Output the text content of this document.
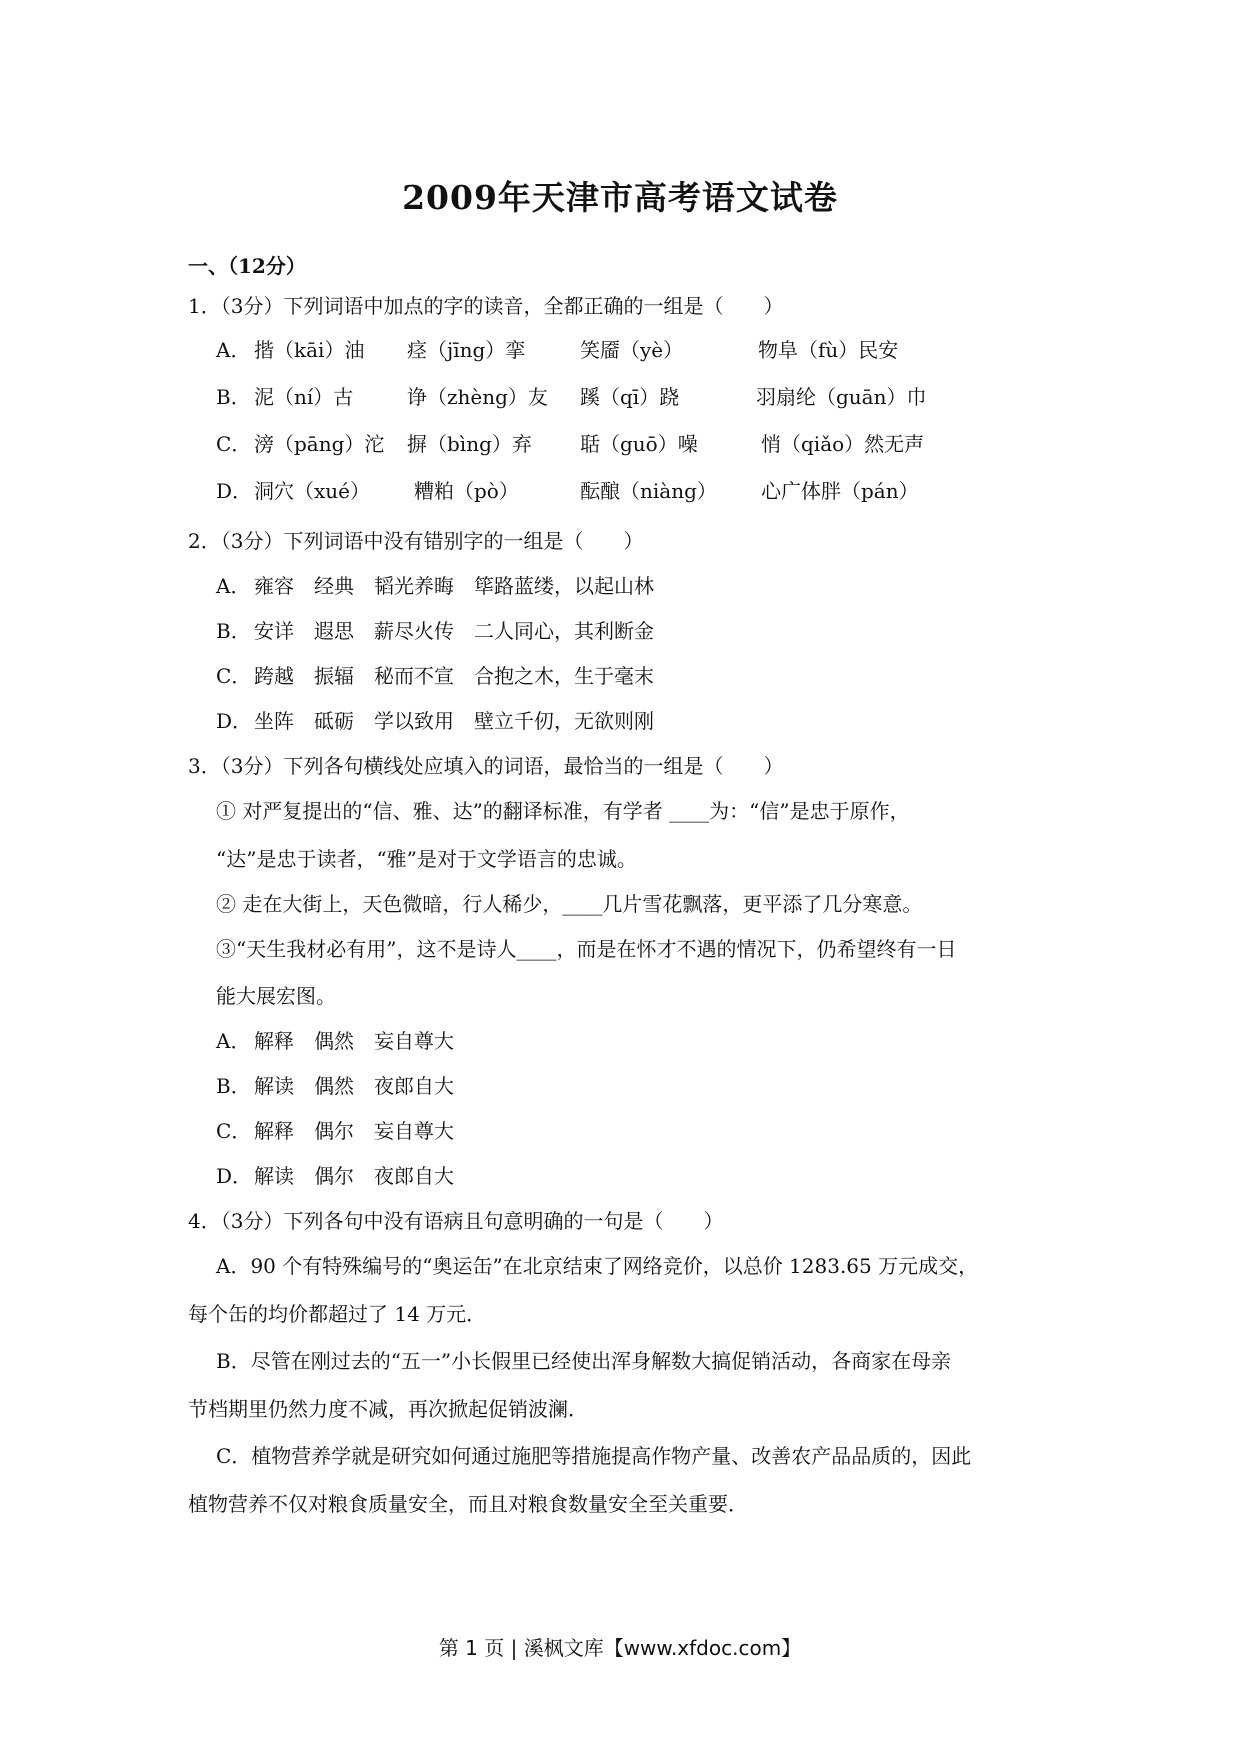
2009年天津市高考语文试卷
一、（12分）
1．（3分）下列词语中加点的字的读音，全都正确的一组是（　　）
A． 揩（kāi）油 痉（jīng）挛	笑靥（yè）	物阜（fù）民安
B． 泥（ní）古	诤（zhèng）友 蹊（qī）跷	羽扇纶（guān）巾
C． 滂（pāng）沱 摒（bìng）弃 聒（guō）噪	悄（qiǎo）然无声
D． 洞穴（xué） 糟粕（pò）	酝酿（niàng） 心广体胖（pán）
2．（3分）下列词语中没有错别字的一组是（　　）
A． 雍容　经典　韬光养晦　筚路蓝缕，以起山林
B． 安详　遐思　薪尽火传　二人同心，其利断金
C． 跨越　振辐　秘而不宣　合抱之木，生于毫末
D． 坐阵　砥砺　学以致用　壁立千仞，无欲则刚
3．（3分）下列各句横线处应填入的词语，最恰当的一组是（　　）
① 对严复提出的“信、雅、达”的翻译标准，有学者 ____为：“信”是忠于原作，
“达”是忠于读者，“雅”是对于文学语言的忠诚。
② 走在大街上，天色微暗，行人稀少，____几片雪花飘落，更平添了几分寒意。
③“天生我材必有用”，这不是诗人____，而是在怀才不遇的情况下，仍希望终有一日
能大展宏图。
A． 解释　偶然　妄自尊大
B． 解读　偶然　夜郎自大
C． 解释　偶尔　妄自尊大
D． 解读　偶尔　夜郎自大
4．（3分）下列各句中没有语病且句意明确的一句是（　　）
A．90 个有特殊编号的“奥运缶”在北京结束了网络竞价，以总价 1283.65 万元成交，
每个缶的均价都超过了 14 万元．
B．尽管在刚过去的“五一”小长假里已经使出浑身解数大搞促销活动，各商家在母亲
节档期里仍然力度不减，再次掀起促销波澜．
C．植物营养学就是研究如何通过施肥等措施提高作物产量、改善农产品品质的，因此
植物营养不仅对粮食质量安全，而且对粮食数量安全至关重要．
第 1 页 | 溪枫文库【www.xfdoc.com】
